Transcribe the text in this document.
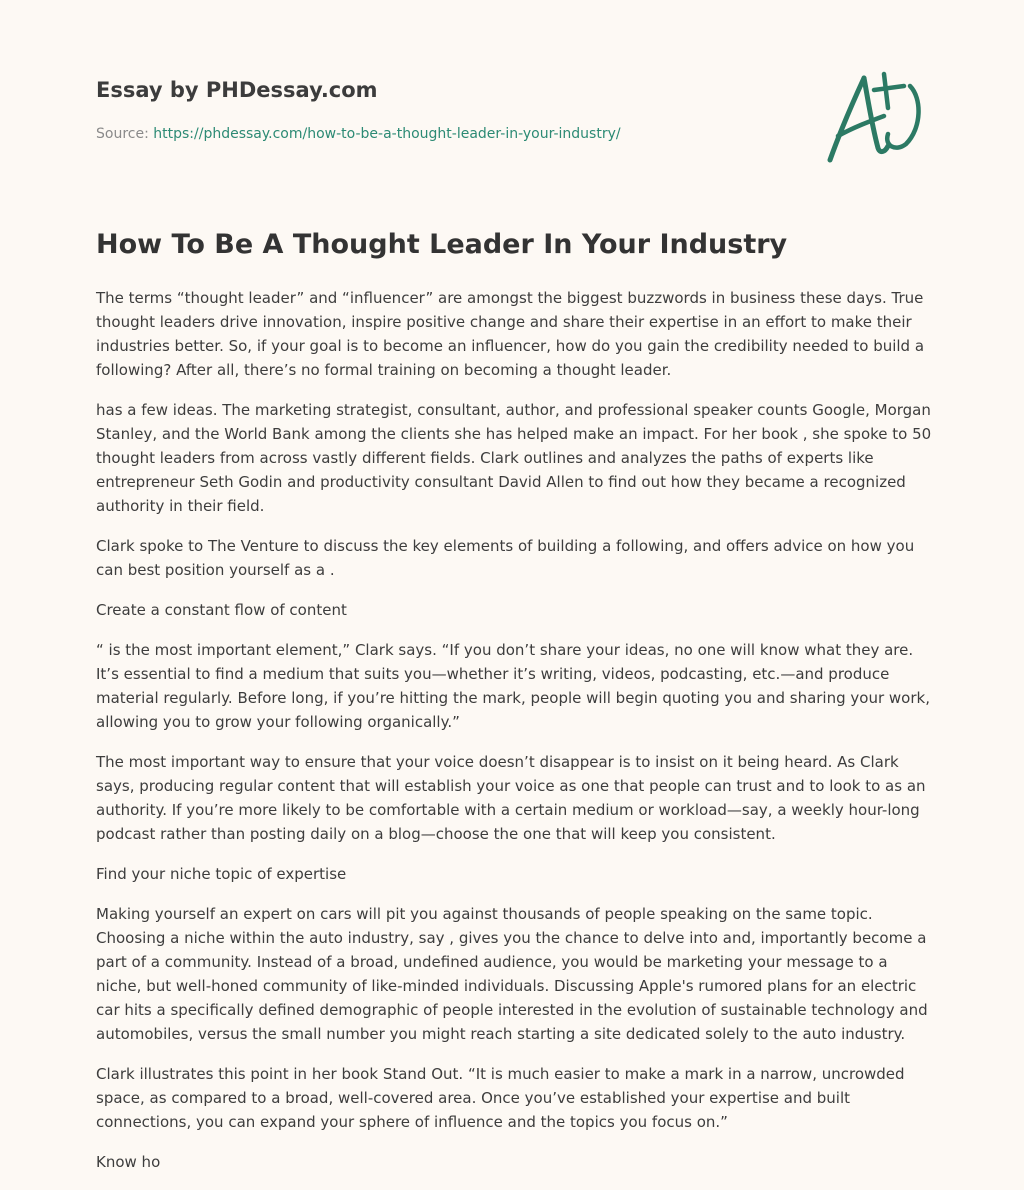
Essay by PHDessay.com
Source: https://phdessay.com/how-to-be-a-thought-leader-in-your-industry/
How To Be A Thought Leader In Your Industry

The terms “thought leader” and “influencer” are amongst the biggest buzzwords in business these days. True thought leaders drive innovation, inspire positive change and share their expertise in an effort to make their industries better. So, if your goal is to become an influencer, how do you gain the credibility needed to build a following? After all, there’s no formal training on becoming a thought leader.

has a few ideas. The marketing strategist, consultant, author, and professional speaker counts Google, Morgan Stanley, and the World Bank among the clients she has helped make an impact. For her book , she spoke to 50 thought leaders from across vastly different fields. Clark outlines and analyzes the paths of experts like entrepreneur Seth Godin and productivity consultant David Allen to find out how they became a recognized authority in their field.

Clark spoke to The Venture to discuss the key elements of building a following, and offers advice on how you can best position yourself as a .

Create a constant flow of content

“ is the most important element,” Clark says. “If you don’t share your ideas, no one will know what they are. It’s essential to find a medium that suits you—whether it’s writing, videos, podcasting, etc.—and produce material regularly. Before long, if you’re hitting the mark, people will begin quoting you and sharing your work, allowing you to grow your following organically.”

The most important way to ensure that your voice doesn’t disappear is to insist on it being heard. As Clark says, producing regular content that will establish your voice as one that people can trust and to look to as an authority. If you’re more likely to be comfortable with a certain medium or workload—say, a weekly hour-long podcast rather than posting daily on a blog—choose the one that will keep you consistent.

Find your niche topic of expertise

Making yourself an expert on cars will pit you against thousands of people speaking on the same topic. Choosing a niche within the auto industry, say , gives you the chance to delve into and, importantly become a part of a community. Instead of a broad, undefined audience, you would be marketing your message to a niche, but well-honed community of like-minded individuals. Discussing Apple's rumored plans for an electric car hits a specifically defined demographic of people interested in the evolution of sustainable technology and automobiles, versus the small number you might reach starting a site dedicated solely to the auto industry.

Clark illustrates this point in her book Stand Out. “It is much easier to make a mark in a narrow, uncrowded space, as compared to a broad, well-covered area. Once you’ve established your expertise and built connections, you can expand your sphere of influence and the topics you focus on.”

Know ho
